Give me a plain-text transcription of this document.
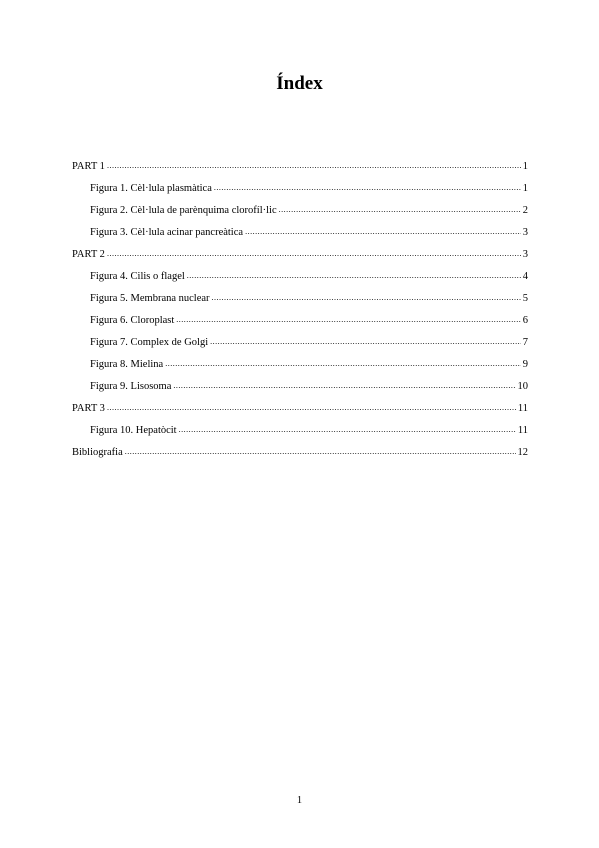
Índex
PART 1 .....	1
Figura 1. Cèl·lula plasmàtica .....	1
Figura 2. Cèl·lula de parènquima clorofíl·lic .....	2
Figura 3. Cèl·lula acinar pancreàtica .....	3
PART 2 .....	3
Figura 4. Cilis o flagel .....	4
Figura 5. Membrana nuclear .....	5
Figura 6. Cloroplast .....	6
Figura 7. Complex de Golgi .....	7
Figura 8. Mielina .....	9
Figura 9. Lisosoma .....	10
PART 3 .....	11
Figura 10. Hepatòcit .....	11
Bibliografia .....	12
1
